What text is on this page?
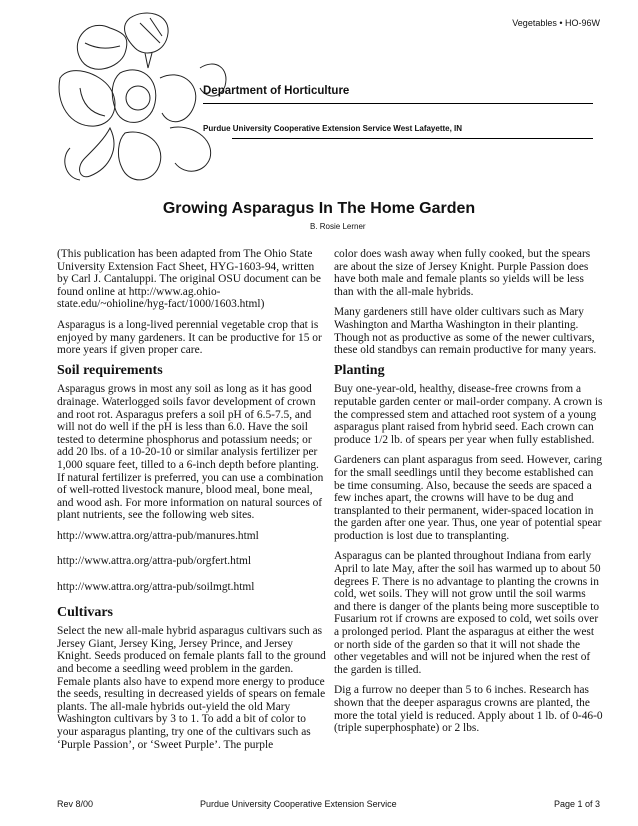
Vegetables • HO-96W
Department of Horticulture
Purdue University Cooperative Extension Service West Lafayette, IN
Growing Asparagus In The Home Garden
B. Rosie Lerner

(This publication has been adapted from The Ohio State University Extension Fact Sheet, HYG-1603-94, written by Carl J. Cantaluppi. The original OSU document can be found online at http://www.ag.ohio-state.edu/~ohioline/hyg-fact/1000/1603.html)

Asparagus is a long-lived perennial vegetable crop that is enjoyed by many gardeners. It can be productive for 15 or more years if given proper care.

Soil requirements

Asparagus grows in most any soil as long as it has good drainage. Waterlogged soils favor development of crown and root rot. Asparagus prefers a soil pH of 6.5-7.5, and will not do well if the pH is less than 6.0. Have the soil tested to determine phosphorus and potassium needs; or add 20 lbs. of a 10-20-10 or similar analysis fertilizer per 1,000 square feet, tilled to a 6-inch depth before planting. If natural fertilizer is preferred, you can use a combination of well-rotted livestock manure, blood meal, bone meal, and wood ash. For more information on natural sources of plant nutrients, see the following web sites.

http://www.attra.org/attra-pub/manures.html

http://www.attra.org/attra-pub/orgfert.html

http://www.attra.org/attra-pub/soilmgt.html

Cultivars

Select the new all-male hybrid asparagus cultivars such as Jersey Giant, Jersey King, Jersey Prince, and Jersey Knight. Seeds produced on female plants fall to the ground and become a seedling weed problem in the garden. Female plants also have to expend more energy to produce the seeds, resulting in decreased yields of spears on female plants. The all-male hybrids out-yield the old Mary Washington cultivars by 3 to 1. To add a bit of color to your asparagus planting, try one of the cultivars such as ‘Purple Passion’, or ‘Sweet Purple’. The purple

color does wash away when fully cooked, but the spears are about the size of Jersey Knight. Purple Passion does have both male and female plants so yields will be less than with the all-male hybrids.

Many gardeners still have older cultivars such as Mary Washington and Martha Washington in their planting. Though not as productive as some of the newer cultivars, these old standbys can remain productive for many years.

Planting

Buy one-year-old, healthy, disease-free crowns from a reputable garden center or mail-order company. A crown is the compressed stem and attached root system of a young asparagus plant raised from hybrid seed. Each crown can produce 1/2 lb. of spears per year when fully established.

Gardeners can plant asparagus from seed. However, caring for the small seedlings until they become established can be time consuming. Also, because the seeds are spaced a few inches apart, the crowns will have to be dug and transplanted to their permanent, wider-spaced location in the garden after one year. Thus, one year of potential spear production is lost due to transplanting.

Asparagus can be planted throughout Indiana from early April to late May, after the soil has warmed up to about 50 degrees F. There is no advantage to planting the crowns in cold, wet soils. They will not grow until the soil warms and there is danger of the plants being more susceptible to Fusarium rot if crowns are exposed to cold, wet soils over a prolonged period. Plant the asparagus at either the west or north side of the garden so that it will not shade the other vegetables and will not be injured when the rest of the garden is tilled.

Dig a furrow no deeper than 5 to 6 inches. Research has shown that the deeper asparagus crowns are planted, the more the total yield is reduced. Apply about 1 lb. of 0-46-0 (triple superphosphate) or 2 lbs.

Rev 8/00	Purdue University Cooperative Extension Service	Page 1 of 3
